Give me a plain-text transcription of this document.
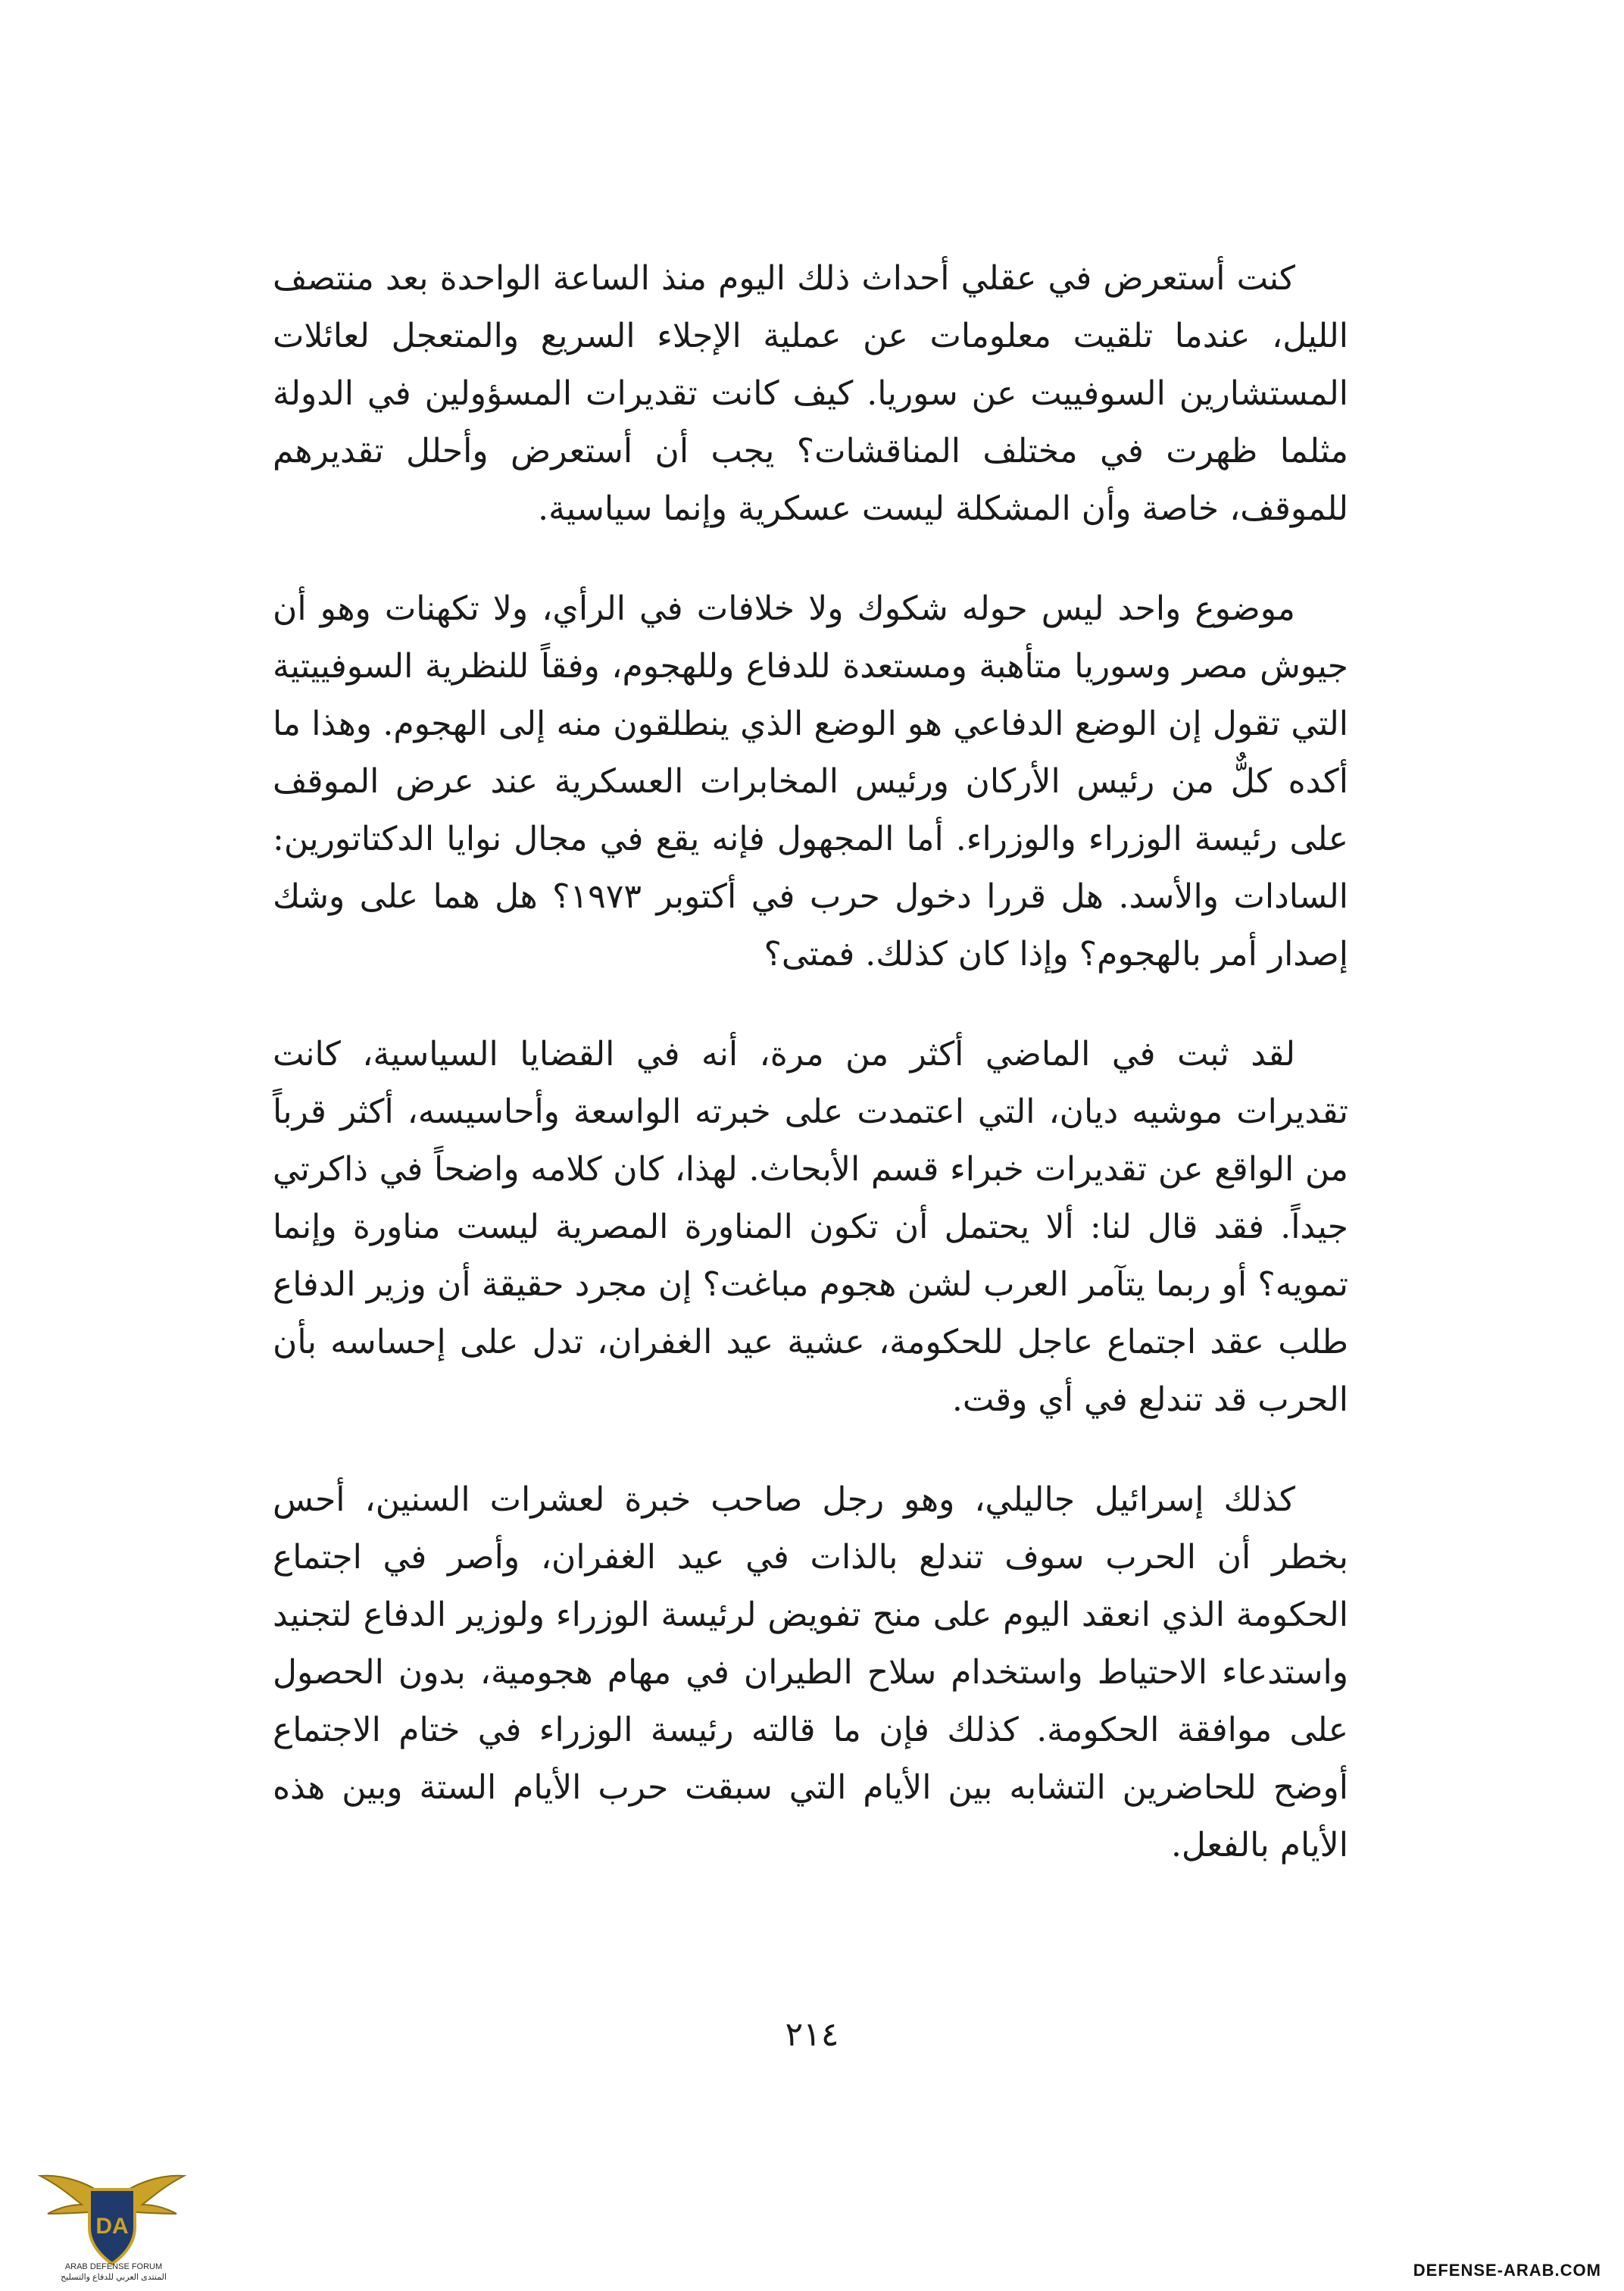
كنت أستعرض في عقلي أحداث ذلك اليوم منذ الساعة الواحدة بعد منتصف الليل، عندما تلقيت معلومات عن عملية الإجلاء السريع والمتعجل لعائلات المستشارين السوفييت عن سوريا. كيف كانت تقديرات المسؤولين في الدولة مثلما ظهرت في مختلف المناقشات؟ يجب أن أستعرض وأحلل تقديرهم للموقف، خاصة وأن المشكلة ليست عسكرية وإنما سياسية.

موضوع واحد ليس حوله شكوك ولا خلافات في الرأي، ولا تكهنات وهو أن جيوش مصر وسوريا متأهبة ومستعدة للدفاع وللهجوم، وفقاً للنظرية السوفييتية التي تقول إن الوضع الدفاعي هو الوضع الذي ينطلقون منه إلى الهجوم. وهذا ما أكده كلٌّ من رئيس الأركان ورئيس المخابرات العسكرية عند عرض الموقف على رئيسة الوزراء والوزراء. أما المجهول فإنه يقع في مجال نوايا الدكتاتورين: السادات والأسد. هل قررا دخول حرب في أكتوبر ١٩٧٣؟ هل هما على وشك إصدار أمر بالهجوم؟ وإذا كان كذلك. فمتى؟

لقد ثبت في الماضي أكثر من مرة، أنه في القضايا السياسية، كانت تقديرات موشيه ديان، التي اعتمدت على خبرته الواسعة وأحاسيسه، أكثر قرباً من الواقع عن تقديرات خبراء قسم الأبحاث. لهذا، كان كلامه واضحاً في ذاكرتي جيداً. فقد قال لنا: ألا يحتمل أن تكون المناورة المصرية ليست مناورة وإنما تمويه؟ أو ربما يتآمر العرب لشن هجوم مباغت؟ إن مجرد حقيقة أن وزير الدفاع طلب عقد اجتماع عاجل للحكومة، عشية عيد الغفران، تدل على إحساسه بأن الحرب قد تندلع في أي وقت.

كذلك إسرائيل جاليلي، وهو رجل صاحب خبرة لعشرات السنين، أحس بخطر أن الحرب سوف تندلع بالذات في عيد الغفران، وأصر في اجتماع الحكومة الذي انعقد اليوم على منح تفويض لرئيسة الوزراء ولوزير الدفاع لتجنيد واستدعاء الاحتياط واستخدام سلاح الطيران في مهام هجومية، بدون الحصول على موافقة الحكومة. كذلك فإن ما قالته رئيسة الوزراء في ختام الاجتماع أوضح للحاضرين التشابه بين الأيام التي سبقت حرب الأيام الستة وبين هذه الأيام بالفعل.

٢١٤
DA
ARAB DEFENSE FORUM
المنتدى العربي للدفاع والتسليح	DEFENSE-ARAB.COM
